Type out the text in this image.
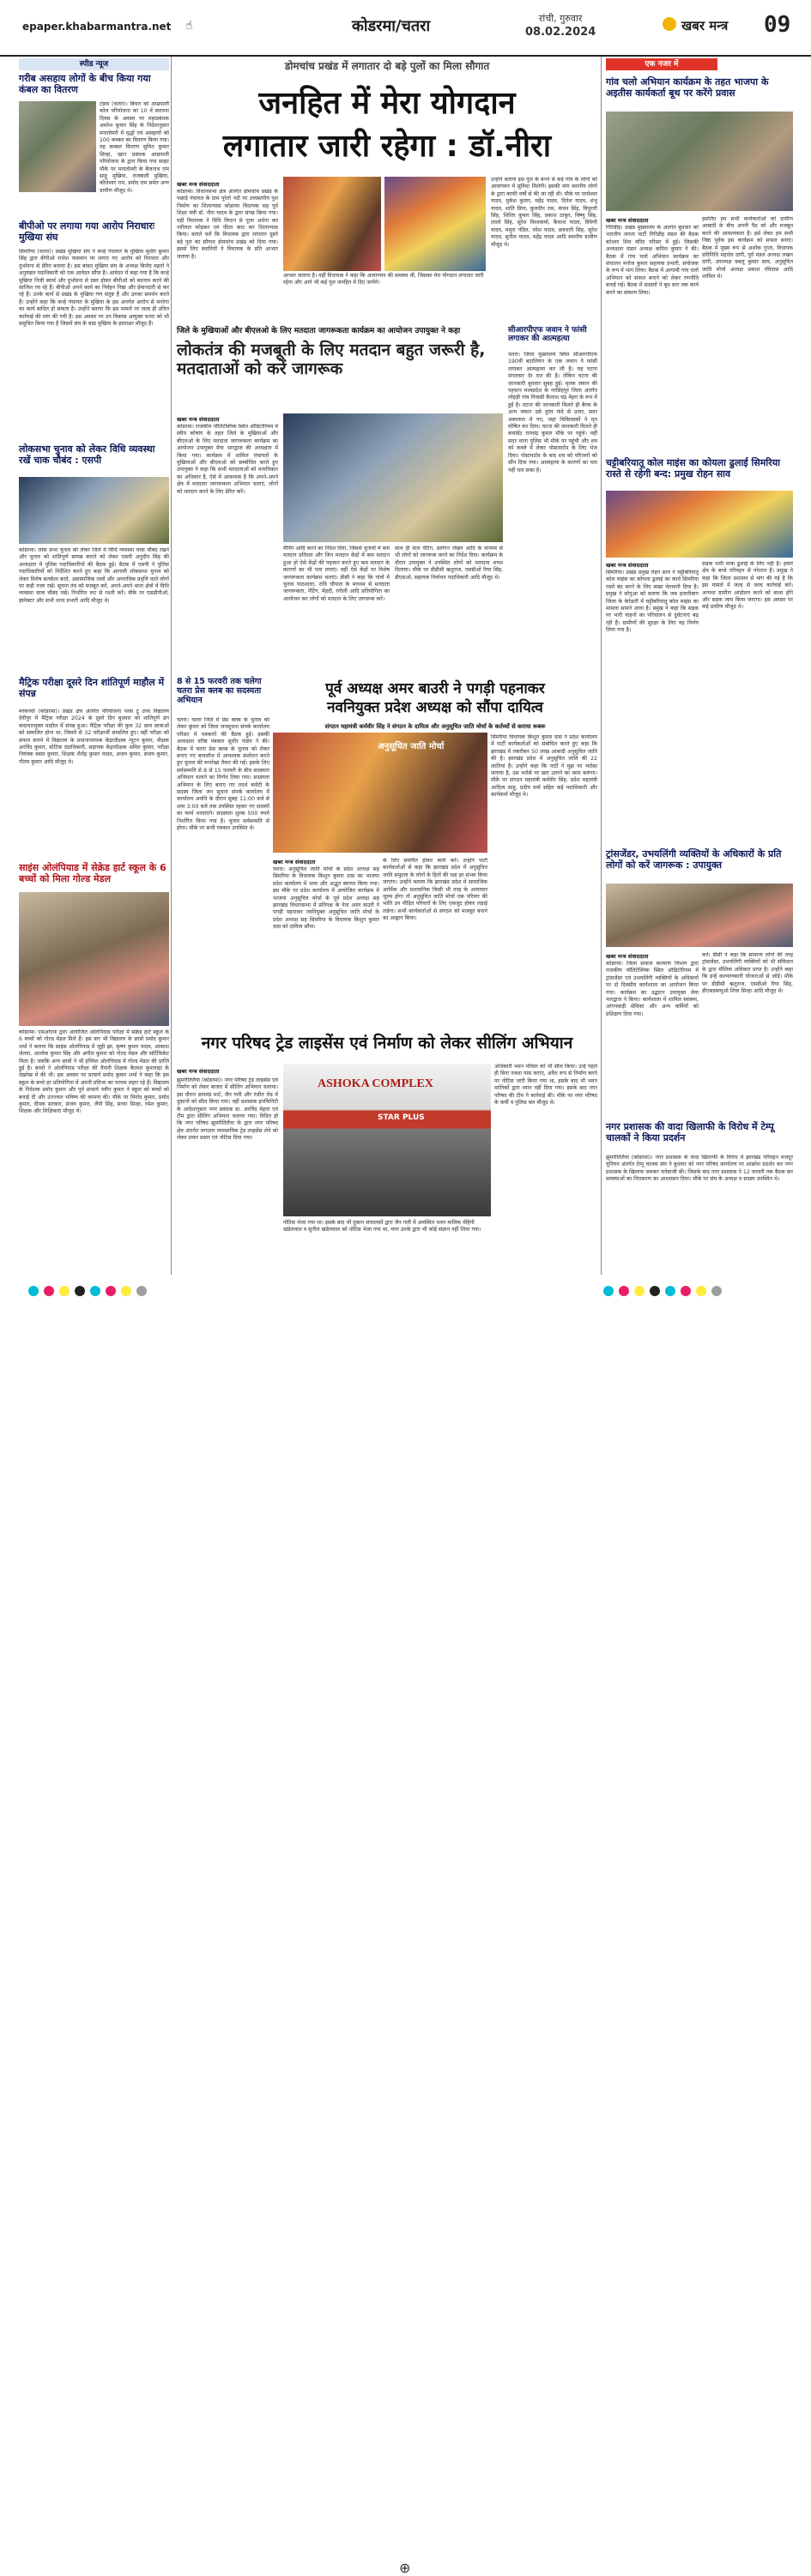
epaper.khabarmantra.net ☝	कोडरमा/चतरा	रांची, गुरुवार
08.02.2024	खबर मन्त्र 09
स्पीड न्यूज
गरीब असहाय लोगों के बीच किया गया कंबल का वितरण
टंडवा (चतरा)। बिचार को आम्रपाली कोल परियोजना का 10 वें स्थापना दिवस के अवसर पर महाप्रबंधक अमरेश कुमार सिंह के निर्देशानुसार मनातोमरी में वृद्धों एवं असहायों को 100 कम्बल का वितरण किया गया। वह कम्बल वितरण सुमित कुमार सिन्हा, खान प्रबंधक आम्रपाली परियोजना के द्वारा किया गया साइट मौके पर मनातोमरी के बैजनाथ राम साहू मुखिया, राजकली मुखिया, कौलेश्वर राम, प्रमोद राम समेत अन्य ग्रामीण मौजूद थे।
बीपीओ पर लगाया गया आरोप निराधारः मुखिया संघ
सिमरिया (चतरा)। प्रखंड मुखिया संघ ने कन्हे पंचायत के मुखिया सुधीर कुमार सिंह द्वारा बीपीओ राजेश पासवान पर लगाए गए आरोप को निराधार और दुर्भावना से प्रेरित बताया है। इस बाबत मुखिया संघ के अध्यक्ष बिनोद महतो ने अनुमंडल पदाधिकारी को एक आवेदन सौंपा है। आवेदन में कहा गया है कि कन्हे मुखिया निजी स्वार्थ और दुर्भावना से ग्रस्त होकर बीपीओ को बदनाम करने की साजिश रच रहे हैं। बीपीओ अपने कार्य का निर्वहन निष्ठा और ईमानदारी से कर रहे हैं। उनके कार्य से प्रखंड के मुखिया गण संतुष्ट हैं और उनका समर्थन करते हैं। उन्होंने कहा कि कन्हे पंचायत के मुखिया के इस अनर्गल आरोप से मनरेगा का कार्य बाधित हो सकता है। उन्होंने बताया कि इस मामले पर जल्द ही उचित कार्रवाई की मांग की गयी है। इस अवसर पर उप विकास आयुक्त चतरा को भी समुचित किया गया है जिसमें संघ के बाद्य मुखिया के हस्ताक्षर मौजूद हैं।
लोकसभा चुनाव को लेकर विधि व्यवस्था रखें चाक चौबंद : एसपी
कोडरमा। लोक सभा चुनाव को लेकर जिले में विधि व्यवस्था चाक चौबंद रखने और चुनाव को शांतिपूर्ण सम्पन्न कराने को लेकर एसपी अनुदीप सिंह की अध्यक्षता में पुलिस पदाधिकारियों की बैठक हुई। बैठक में एसपी ने पुलिस पदाधिकारियों को निर्देशित करते हुए कहा कि आगामी लोकसभा चुनाव को लेकर विशेष सतर्कता बरतें, असामाजिक तत्वों और अपराधिक प्रवृत्ति वाले लोगों पर कड़ी नजर रखें। सूचना तंत्र को मजबूत करें, अपने-अपने थाना क्षेत्रों में विधि व्यवस्था चाक चौबंद रखें। निर्धारित रूट से गश्ती करें। मौके पर एसडीपीओ, इंस्पेक्टर और सभी थाना प्रभारी आदि मौजूद थे।
मैट्रिक परीक्षा दूसरे दिन शांतिपूर्ण माहौल में संपन्न
मरकच्चो (कोडरमा)। प्रखंड क्षेत्र अंतर्गत परियोजना प्लस टू उच्च विद्यालय देवीपुर में मैट्रिक परीक्षा 2024 के दूसरे दिन बुधवार को शांतिपूर्ण ढंग कदाचारमुक्त माहौल में संपन्न हुआ। मैट्रिक परीक्षा की कुल 32 छात्र छात्राओं को सम्मलित होना था, जिसमें से 32 परीक्षार्थी सम्मलित हुए। वहीं परीक्षा को सफल बनाने में विद्यालय के प्रधानाध्यापक केंद्राधीक्षक न्यूटन कुमार, वीक्षक अरविंद कुमार, स्टेटिक दंडाधिकारी, सहायक केंद्राधीक्षक अमित कुमार, परीक्षा नियंत्रक बसंत कुमार, शिक्षक शैलेंद्र कुमार यादव, अजय कुमार, संजय कुमार, गौतम कुमार आदि मौजूद थे।
साइंस ओलंपियाड में सेक्रेड हार्ट स्कूल के 6 बच्चों को मिला गोल्ड मेडल
कोडरमा। एसओएफ द्वारा आयोजित ओलंपियाड परीक्षा में सेक्रेड हार्ट स्कूल के 6 बच्चों को गोल्ड मेडल मिले हैं। इस बार भी विद्यालय के छात्रों प्रमोद कुमार शर्मा ने बताया कि साइंस ओलंपियाड में जूही झा, कृष्ण कुमार यादव, आकाश जेतवा, आलोक कुमार सिंह और अनीश कुमार को गोल्ड मेडल और सर्टिफिकेट मिला है। जबकि अन्य छात्रों ने भी इंग्लिश ओलंपियाड में गोल्ड मेडल की प्राप्ति हुई है। बच्चों ने ओलंपियाड परीक्षा की तैयारी शिक्षक कैलाश कुशवाहा के देखरेख में की थी। इस अवसर पर प्राचार्य प्रमोद कुमार शर्मा ने कहा कि इस स्कूल के बच्चे हर प्रतियोगिता में अपनी प्रतिभा का परचम लहरा रहे हैं। विद्यालय के निदेशक प्रमोद कुमार और पूर्व प्राचार्य नवीन कुमार ने स्कूल को बच्चों को बधाई दी और उज्ज्वल भविष्य की कामना की। मौके पर विनोद कुमार, प्रमोद कुमार, दीपक सरकार, संजय कुमार, जैपी सिंह, संध्या सिन्हा, रमेश कुमार, शिक्षक और शिक्षिकाएं मौजूद थे।
डोमचांच प्रखंड में लगातार दो बड़े पुलों का मिला सौगात
जनहित में मेरा योगदान
लगातार जारी रहेगा : डॉ.नीरा
खबर मन्त्र संवाददाता
कोडरमा। विधानसभा क्षेत्र अंतर्गत डोमचांच प्रखंड के पछाड़े पंचायत के ग्राम पुरेतो नदी पर उच्चस्तरीय पुल निर्माण का शिलान्यास कोडरमा विधायक सह पूर्व शिक्षा मंत्री डॉ. नीरा यादव के द्वारा संपन्न किया गया। वहीं विधायक ने विधि विधान से पूजा अर्चना कर नारियल फोड़कर एवं फीता काट कर शिलान्यास किया। बताते चलें कि विधायक द्वारा लगातार दूसरे बड़े पुल का सौगात डोमचांच प्रखंड को दिया गया। इससे लिए स्थानियों ने विधायक के प्रति आभार जताया है।
आभार जताया है। वहीं विधायक ने कहा कि आवागमन की समस्या थी, जिसका मेरा योगदान लगातार जारी रहेगा और आगे भी कई पुल जनहित में दिए जायेंगे।
उन्होंने बताया इस पुल के बनने से कई गांव के लोगों को आवागमन में सुविधा मिलेगी। इसकी मांग स्थानीय लोगों के द्वारा काफी वर्षों से की जा रही थी। मौके पर परमेश्वर यादव, मुकेश कुमार, महेंद्र यादव, दिनेश यादव, शंभू यादव, शांति प्रिया, कुलदीप राम, कंचन सिंह, त्रिपुरारी सिंह, शिशिर कुमार सिंह, प्रकाश ठाकुर, विष्णु सिंह, लालो सिंह, सुरेश विश्वकर्मा, कैलाश यादव, त्रिवेणी यादव, मथुरा पंडित, रमेश यादव, छत्रधारी सिंह, सुरेश यादव, सुनील यादव, महेंद्र यादव आदि स्थानीय ग्रामीण मौजूद थे।
जिले के मुखियाओं और बीएलओ के लिए मतदाता जागरूकता कार्यक्रम का आयोजन उपायुक्त ने कहा
लोकतंत्र की मजबूती के लिए मतदान बहुत जरूरी है, मतदाताओं को करें जागरूक
खबर मन्त्र संवाददाता
कोडरमा। राजकीय पॉलिटेक्निक स्थित ऑडिटोरियम में स्वीप कोषांग के तहत जिले के मुखियाओं और बीएलओ के लिए मतदाता जागरूकता कार्यक्रम का आयोजन उपायुक्त मेघा भारद्वाज की अध्यक्षता में किया गया। कार्यक्रम में शामिल पंचायतों के मुखियाओं और बीएलओ को सम्बोधित करते हुए उपायुक्त ने कहा कि सभी मतदाताओं को मताधिकार का अधिकार है, ऐसे में आवश्यक है कि अपने-अपने क्षेत्र में मतदाता जागरूकता अभियान चलाएं, लोगों को मतदान करने के लिए प्रेरित करें।
मैपिंग आदि करने का निर्देश दिया, जिससे चुनावों में कम मतदान प्रतिशत और जिन मतदान केंद्रों में कम मतदान हुआ हो ऐसे केंद्रों की पहचान करते हुए कम मतदान के कारणों का भी पता लगाएं। वहीं ऐसे केंद्रों पर विशेष जागरूकता कार्यक्रम चलाएं। डीसी ने कहा कि गांवों में चुनाव पाठशाला, रात्रि चौपाल के माध्यम से मतदाता जागरूकता, पेंटिंग, मेंहदी, रंगोली आदि प्रतियोगिता का आयोजन कर लोगों को मतदान के लिए जागरूक करें।
साथ ही वाल पेंटिंग, स्लोगन लेखन आदि के माध्यम से भी लोगों को जागरूक करने का निर्देश दिया। कार्यक्रम के दौरान उपायुक्त ने उपस्थित लोगों को मतदाता शपथ दिलाया। मौके पर डीडीसी ऋतुराज, एसडीओ रिया सिंह, डीएसओ, सहायक निर्वाचन पदाधिकारी आदि मौजूद थे।
सीआरपीएफ जवान ने फांसी लगाकर की आत्महत्या
चतरा। जिला मुख्यालय स्थित सीआरपीएफ 190वीं बटालियन के एक जवान ने फांसी लगाकर आत्महत्या कर ली है। यह घटना मंगलवार देर रात की है। लेकिन घटना की जानकारी बुधवार सुबह हुई। मृतक जवान की पहचान मध्यप्रदेश के नरसिंहपुर जिला अंतर्गत लोहड़ी गांव निवासी कैलाश चंद्र मेहरा के रूप में हुई है। घटना की जानकारी मिलते ही बैरक के अन्य जवान उसे तुरंत फंदे से उतार, सदर अस्पताल ले गए, जहां चिकित्सकों ने मृत घोषित कर दिया। घटना की जानकारी मिलते ही कमांडेंट रामचंद्र कुमार मौके पर पहुंचे। वहीं सदर थाना पुलिस भी मौके पर पहुंची और शव को कब्जे में लेकर पोस्टमार्टम के लिए भेज दिया। पोस्टमार्टम के बाद शव को परिजनों को सौंप दिया गया। आत्महत्या के कारणों का पता नहीं चल सका है।
8 से 15 फरवरी तक चलेगा चतरा प्रेस क्लब का सदस्यता अभियान
चतरा। चतरा जिले में प्रेस क्लब के चुनाव को लेकर कुंवार को जिला जनसूचना संपर्क कार्यालय परिसर में पत्रकारों की बैठक हुई। इसकी अध्यक्षता वरिष्ठ पत्रकार सुधीर पांडेय ने की। बैठक में चतरा प्रेस क्लब के चुनाव को लेकर बनाए गए बायलॉज में आवश्यक संशोधन करते हुए चुनाव की रूपरेखा तैयार की गई। इसके लिए सर्वसम्मति से 8 से 15 फरवरी के बीच सदस्यता अभियान चलाने का निर्णय लिया गया। सदस्यता अभियान के लिए बनाए गए तदर्थ कमेटी के सदस्य जिला जन सूचना संपर्क कार्यालय में कार्यालय अवधि के दौरान सुबह 11:00 बजे से शाम 3:00 बजे तक उपस्थित रहकर नए सदस्यों का फार्म भरवाएंगे। सदस्यता शुल्क 500 रुपये निर्धारित किया गया है। चुनाव सर्वसम्मति से होगा। मौके पर सभी पत्रकार उपस्थित थे।
पूर्व अध्यक्ष अमर बाउरी ने पगड़ी पहनाकर
नवनियुक्त प्रदेश अध्यक्ष को सौंपा दायित्व
संगठन महामंत्री कर्मवीर सिंह ने संगठन के दायित्व और अनुसूचित जाति मोर्चा के कर्तव्यों से कराया रूबरू
अनुसूचित जाति मोर्चा
सिमरिया विधायक किशुन कुमार दास ने प्रदेश कार्यालय में पार्टी कार्यकर्ताओं को संबोधित करते हुए कहा कि झारखंड में तकरीबन 50 लाख आबादी अनुसूचित जाति की है। झारखंड प्रदेश में अनुसूचित जाति की 22 जातियां हैं। उन्होंने कहा कि पार्टी ने मुझ पर भरोसा जताया है, उस भरोसे पर खरा उतरने का काम करूंगा। मौके पर संगठन महामंत्री कर्मवीर सिंह, प्रदेश महामंत्री आदित्य साहू, प्रदीप वर्मा सहित कई पदाधिकारी और कार्यकर्ता मौजूद थे।
खबर मन्त्र संवाददाता
चतरा। अनुसूचित जाति मोर्चा के प्रदेश अध्यक्ष सह सिमरिया के विधायक किशुन कुमार दास का भाजपा प्रदेश कार्यालय में भव्य और अद्भुत स्वागत किया गया। इस मौके पर प्रदेश कार्यालय में आयोजित कार्यक्रम में भाजपा अनुसूचित मोर्चा के पूर्व प्रदेश अध्यक्ष सह झारखंड विधानसभा में प्रतिपक्ष के नेता अमर बाउरी ने पगड़ी पहनाकर नवनियुक्त अनुसूचित जाति मोर्चा के प्रदेश अध्यक्ष सह सिमरिया के विधायक किशुन कुमार दास को दायित्व सौंपा।
के लिए समर्पित होकर कार्य करें। उन्होंने पार्टी कार्यकर्ताओं से कहा कि झारखंड प्रदेश में अनुसूचित जाति समुदाय के लोगों के हितों की रक्षा हर संभव किया जाएगा। उन्होंने बताया कि झारखंड प्रदेश में सामाजिक आर्थिक और प्रशासनिक किसी भी तरह के अत्याचार जुल्म होगा तो अनुसूचित जाति मोर्चा एक परिवार की भांति उन पीड़ित परिवारों के लिए एकजुट होकर लड़ाई लड़ेगा। सभी कार्यकर्ताओं से संगठन को मजबूत बनाने का आह्वान किया।
नगर परिषद ट्रेड लाइसेंस एवं निर्माण को लेकर सीलिंग अभियान
खबर मन्त्र संवाददाता
झुमरीतिलैया (कोडरमा)। नगर परिषद ट्रेड लाइसेंस एवं निर्माण को लेकर बाजार में सीलिंग अभियान चलाया। इस दौरान डायमंड मार्ट, जैन गली और रंजीत रोड में दुकानों को सील किया गया। वहीं प्रशासक इनफिनिटी के आदेशानुसार नगर प्रबंधक डा. अरविंद मेहता एवं टीम द्वारा सीलिंग अभियान चलाया गया। विदित हो कि नगर परिषद झुमरीतिलैया के द्वारा नगर परिषद क्षेत्र अंतर्गत लगातार व्यवसायिक ट्रेड लाइसेंस लेने को लेकर प्रचार प्रसार एवं नोटिस दिया गया।
ASHOKA COMPLEX
STAR PLUS
नोटिस भेजा गया था। इसके बाद भी दुकान संचालकों द्वारा जैन गली में अवस्थित भवन मालिक मेहिनी खंडेलवाल व सुनील खंडेलवाल को नोटिस भेजा गया था, मगर उनके द्वारा भी कोई संज्ञान नहीं लिया गया।
अधिकारी भवन परिसर को भी सील किया। उन्हें पहले ही बिना नक्शा पास कराए, अवैध रूप से निर्माण करने पर नोटिस जारी किया गया था, इसके बाद भी भवन मालिकों द्वारा ध्यान नहीं दिया गया। इसके बाद नगर परिषद की टीम ने कार्रवाई की। मौके पर नगर परिषद के कर्मी व पुलिस बल मौजूद थे।
एक नजर में
गांव चलो अभियान कार्यक्रम के तहत भाजपा के अइतीस कार्यकर्ता बूथ पर करेंगे प्रवास
खबर मन्त्र संवाददाता
गिरिडीह। प्रखंड मुख्यालय के अंतर्गत बुधवार को भारतीय जनता पार्टी गिरिडीह मंडल की बैठक बटेश्वर शिव मंदिर परिसर में हुई। जिसकी अध्यक्षता मंडल अध्यक्ष कपिल कुमार ने की। बैठक में गांव चलो अभियान कार्यक्रम का संचालन मनोज कुमार सहायक प्रभारी, संयोजक के रूप में भाग लिया। बैठक में आगामी गांव चलो अभियान को सफल बनाने को लेकर रणनीति बनाई गई। बैठक में सदस्यों ने बूथ स्तर तक कार्य करने का संकल्प लिया।
इसलिए हम सभी कार्यकर्ताओं को ग्रामीण आबादी के बीच अपनी पैठ को और मजबूत करने की आवश्यकता है। इसे लेकर हम सभी निष्ठा पूर्वक इस कार्यक्रम को सफल बनाएं। बैठक में मुख्य रूप से अशोक गुप्ता, विधायक प्रतिनिधि महादेव दांगी, पूर्व मंडल अध्यक्ष लखन दांगी, उपाध्यक्ष बबलू कुमार साव, अनुसूचित जाति मोर्चा अध्यक्ष प्रकाश रविदास आदि शामिल थे।
चट्टीबरियातू कोल माइंस का कोयला ढुलाई सिमरिया रास्ते से रहेगी बन्द: प्रमुख रोहन साव
खबर मन्त्र संवाददाता
सिमरिया। प्रखंड प्रमुख रोहन साव ने चट्टीबरियातू कोल माइंस का कोयला ढुलाई का कार्य सिमरिया रास्ते बंद करने के लिए सख्त चेतावनी दिया है। प्रमुख ने सोनुआ को बताया कि जब हजारीबाग जिला के केरेडारी में चट्टीबरियातू कोल माइंस का मामला सामने आया है। प्रमुख ने कहा कि सड़क पर भारी वाहनों का परिचालन से दुर्घटनाएं बढ़ रही हैं। ग्रामीणों की सुरक्षा के लिए यह निर्णय लिया गया है।
सड़क भारी मात्रा ढुलाई के लिए नहीं है। हमारे क्षेत्र के बच्चे परिवहन से परेशान हैं। प्रमुख ने कहा कि जिला प्रशासन से मांग की गई है कि इस मामले में जल्द से जल्द कार्रवाई करें। अन्यथा ग्रामीण आंदोलन करने को बाध्य होंगे और सड़क जाम किया जाएगा। इस अवसर पर कई ग्रामीण मौजूद थे।
ट्रांसजेंडर, उभयलिंगी व्यक्तियों के अधिकारों के प्रति लोगों को करें जागरूक : उपायुक्त
खबर मन्त्र संवाददाता
कोडरमा। जिला समाज कल्याण विभाग द्वारा राजकीय पॉलिटेक्निक स्थित ऑडिटोरियम में ट्रांसजेंडर एवं उभयलिंगी व्यक्तियों के अधिकारों पर दो दिवसीय कार्यशाला का आयोजन किया गया। कार्यक्रम का उद्घाटन उपायुक्त मेघा भारद्वाज ने किया। कार्यशाला में शामिल स्वास्थ्य, आंगनबाड़ी सेविका और अन्य कर्मियों को प्रशिक्षण दिया गया।
करें। डीसी ने कहा कि सामान्य लोगों की तरह ट्रांसजेंडर, उभयलिंगी व्यक्तियों को भी संविधान के द्वारा मौलिक अधिकार प्राप्त है। उन्होंने कहा कि इन्हें कल्याणकारी योजनाओं से जोड़ें। मौके पर डीडीसी ऋतुराज, एसडीओ रिया सिंह, डीएसडब्ल्यूओ शिवा सिन्हा आदि मौजूद थे।
नगर प्रशासक की वादा खिलाफी के विरोध में टेम्पू चालकों ने किया प्रदर्शन
झुमरीतिलैया (कोडरमा)। नगर प्रशासक के वादा खिलाफी के विरोध में झारखंड परिवहन मजदूर यूनियन अंतर्गत टेम्पू चालक संघ ने बुधवार को नगर परिषद कार्यालय पर आक्रोश प्रदर्शन कर नगर प्रशासक के खिलाफ जमकर नारेबाजी की। जिसके बाद नगर प्रशासक ने 12 फरवरी तक बैठक कर समस्याओं का निराकरण का आश्वासन दिया। मौके पर संघ के अध्यक्ष व सदस्य उपस्थित थे।
⊕
